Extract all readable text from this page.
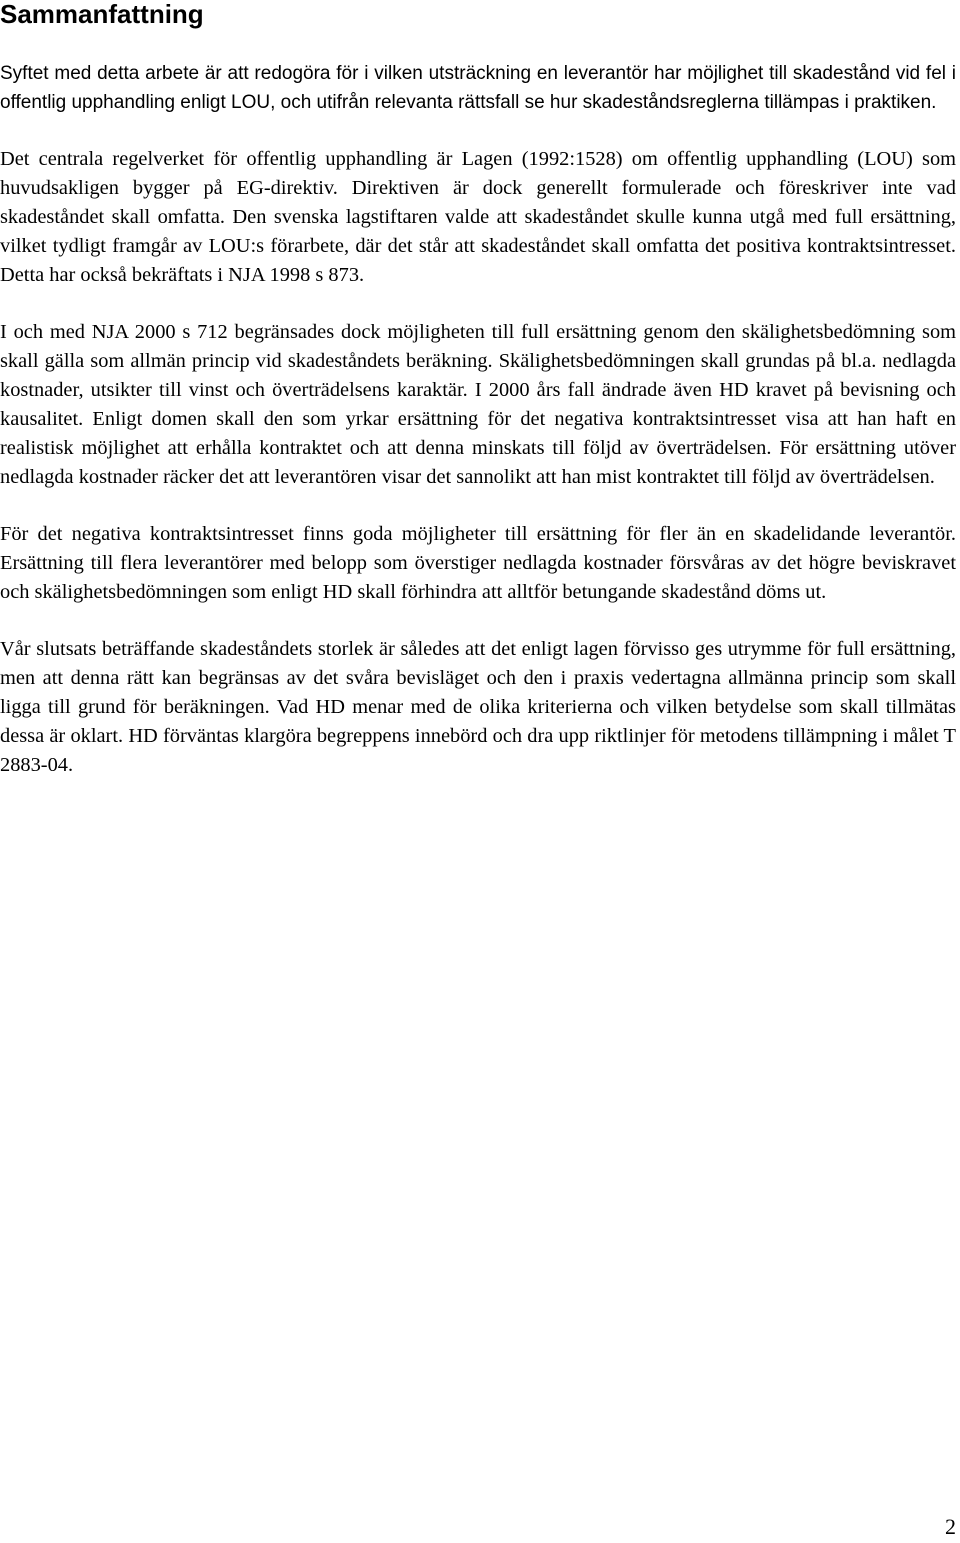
Sammanfattning

Syftet med detta arbete är att redogöra för i vilken utsträckning en leverantör har möjlighet till skadestånd vid fel i offentlig upphandling enligt LOU, och utifrån relevanta rättsfall se hur skadeståndsreglerna tillämpas i praktiken.

Det centrala regelverket för offentlig upphandling är Lagen (1992:1528) om offentlig upphandling (LOU) som huvudsakligen bygger på EG-direktiv. Direktiven är dock generellt formulerade och föreskriver inte vad skadeståndet skall omfatta. Den svenska lagstiftaren valde att skadeståndet skulle kunna utgå med full ersättning, vilket tydligt framgår av LOU:s förarbete, där det står att skadeståndet skall omfatta det positiva kontraktsintresset. Detta har också bekräftats i NJA 1998 s 873.

I och med NJA 2000 s 712 begränsades dock möjligheten till full ersättning genom den skälighetsbedömning som skall gälla som allmän princip vid skadeståndets beräkning. Skälighetsbedömningen skall grundas på bl.a. nedlagda kostnader, utsikter till vinst och överträdelsens karaktär. I 2000 års fall ändrade även HD kravet på bevisning och kausalitet. Enligt domen skall den som yrkar ersättning för det negativa kontraktsintresset visa att han haft en realistisk möjlighet att erhålla kontraktet och att denna minskats till följd av överträdelsen. För ersättning utöver nedlagda kostnader räcker det att leverantören visar det sannolikt att han mist kontraktet till följd av överträdelsen.

För det negativa kontraktsintresset finns goda möjligheter till ersättning för fler än en skadelidande leverantör. Ersättning till flera leverantörer med belopp som överstiger nedlagda kostnader försvåras av det högre beviskravet och skälighetsbedömningen som enligt HD skall förhindra att alltför betungande skadestånd döms ut.

Vår slutsats beträffande skadeståndets storlek är således att det enligt lagen förvisso ges utrymme för full ersättning, men att denna rätt kan begränsas av det svåra bevisläget och den i praxis vedertagna allmänna princip som skall ligga till grund för beräkningen. Vad HD menar med de olika kriterierna och vilken betydelse som skall tillmätas dessa är oklart. HD förväntas klargöra begreppens innebörd och dra upp riktlinjer för metodens tillämpning i målet T 2883-04.

2
